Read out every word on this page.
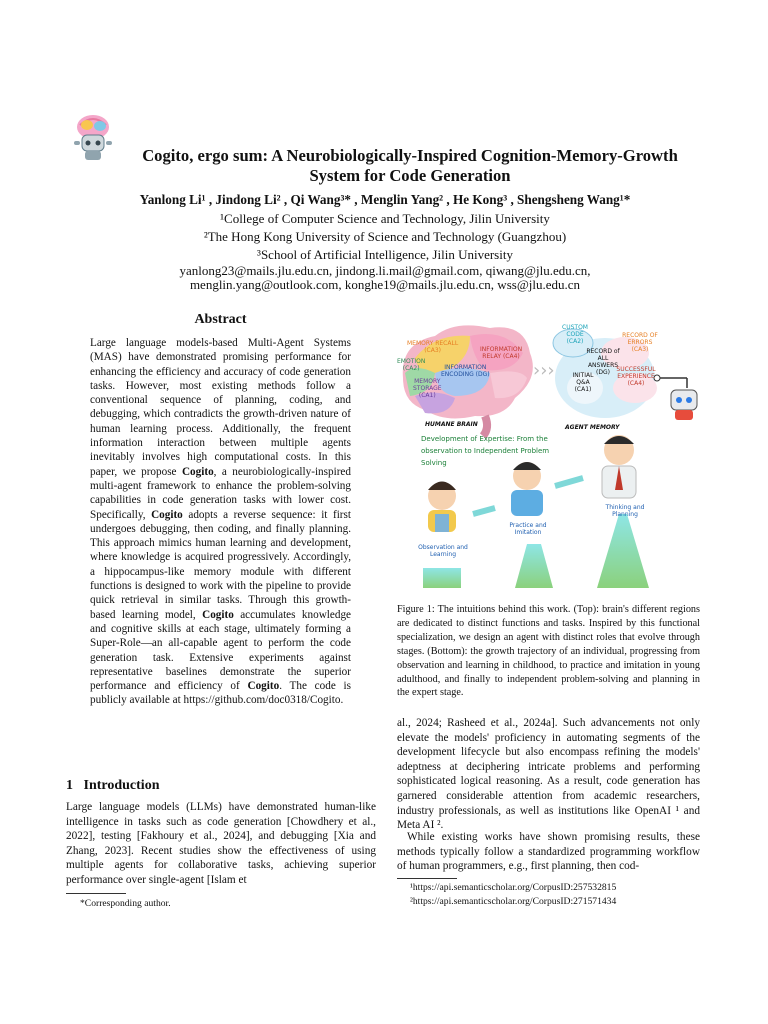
Cogito, ergo sum: A Neurobiologically-Inspired Cognition-Memory-Growth
System for Code Generation
Yanlong Li¹ , Jindong Li² , Qi Wang³* , Menglin Yang² , He Kong³ , Shengsheng Wang¹*
¹College of Computer Science and Technology, Jilin University
²The Hong Kong University of Science and Technology (Guangzhou)
³School of Artificial Intelligence, Jilin University
yanlong23@mails.jlu.edu.cn, jindong.li.mail@gmail.com, qiwang@jlu.edu.cn,
menglin.yang@outlook.com, konghe19@mails.jlu.edu.cn, wss@jlu.edu.cn
Abstract
Large language models-based Multi-Agent Systems (MAS) have demonstrated promising performance for enhancing the efficiency and accuracy of code generation tasks. However, most existing methods follow a conventional sequence of planning, coding, and debugging, which contradicts the growth-driven nature of human learning process. Additionally, the frequent information interaction between multiple agents inevitably involves high computational costs. In this paper, we propose Cogito, a neurobiologically-inspired multi-agent framework to enhance the problem-solving capabilities in code generation tasks with lower cost. Specifically, Cogito adopts a reverse sequence: it first undergoes debugging, then coding, and finally planning. This approach mimics human learning and development, where knowledge is acquired progressively. Accordingly, a hippocampus-like memory module with different functions is designed to work with the pipeline to provide quick retrieval in similar tasks. Through this growth-based learning model, Cogito accumulates knowledge and cognitive skills at each stage, ultimately forming a Super-Role—an all-capable agent to perform the code generation task. Extensive experiments against representative baselines demonstrate the superior performance and efficiency of Cogito. The code is publicly available at https://github.com/doc0318/Cogito.
1 Introduction
Large language models (LLMs) have demonstrated human-like intelligence in tasks such as code generation [Chowdhery et al., 2022], testing [Fakhoury et al., 2024], and debugging [Xia and Zhang, 2023]. Recent studies show the effectiveness of using multiple agents for collaborative tasks, achieving superior performance over single-agent [Islam et
*Corresponding author.
›››
MEMORY RECALL
(CA3)	INFORMATION
RELAY (CA4)
EMOTION
(CA2)	INFORMATION
ENCODING (DG)
MEMORY
STORAGE
(CA1)
HUMANE BRAIN
CUSTOM CODE
(CA2)
RECORD of ALL ANSWERS
(DG)
RECORD OF ERRORS
(CA3)
INITIAL Q&A
(CA1)
SUCCESSFUL EXPERIENCE
(CA4)
AGENT MEMORY
Development of Expertise: From the observation to Independent Problem Solving
Observation and Learning
Practice and Imitation
Thinking and Planning
Figure 1: The intuitions behind this work. (Top): brain's different regions are dedicated to distinct functions and tasks. Inspired by this functional specialization, we design an agent with distinct roles that evolve through stages. (Bottom): the growth trajectory of an individual, progressing from observation and learning in childhood, to practice and imitation in young adulthood, and finally to independent problem-solving and planning in the expert stage.
al., 2024; Rasheed et al., 2024a]. Such advancements not only elevate the models' proficiency in automating segments of the development lifecycle but also encompass refining the models' adeptness at deciphering intricate problems and performing sophisticated logical reasoning. As a result, code generation has garnered considerable attention from academic researchers, industry professionals, as well as institutions like OpenAI ¹ and Meta AI ².
While existing works have shown promising results, these methods typically follow a standardized programming workflow of human programmers, e.g., first planning, then cod-
¹https://api.semanticscholar.org/CorpusID:257532815
²https://api.semanticscholar.org/CorpusID:271571434
